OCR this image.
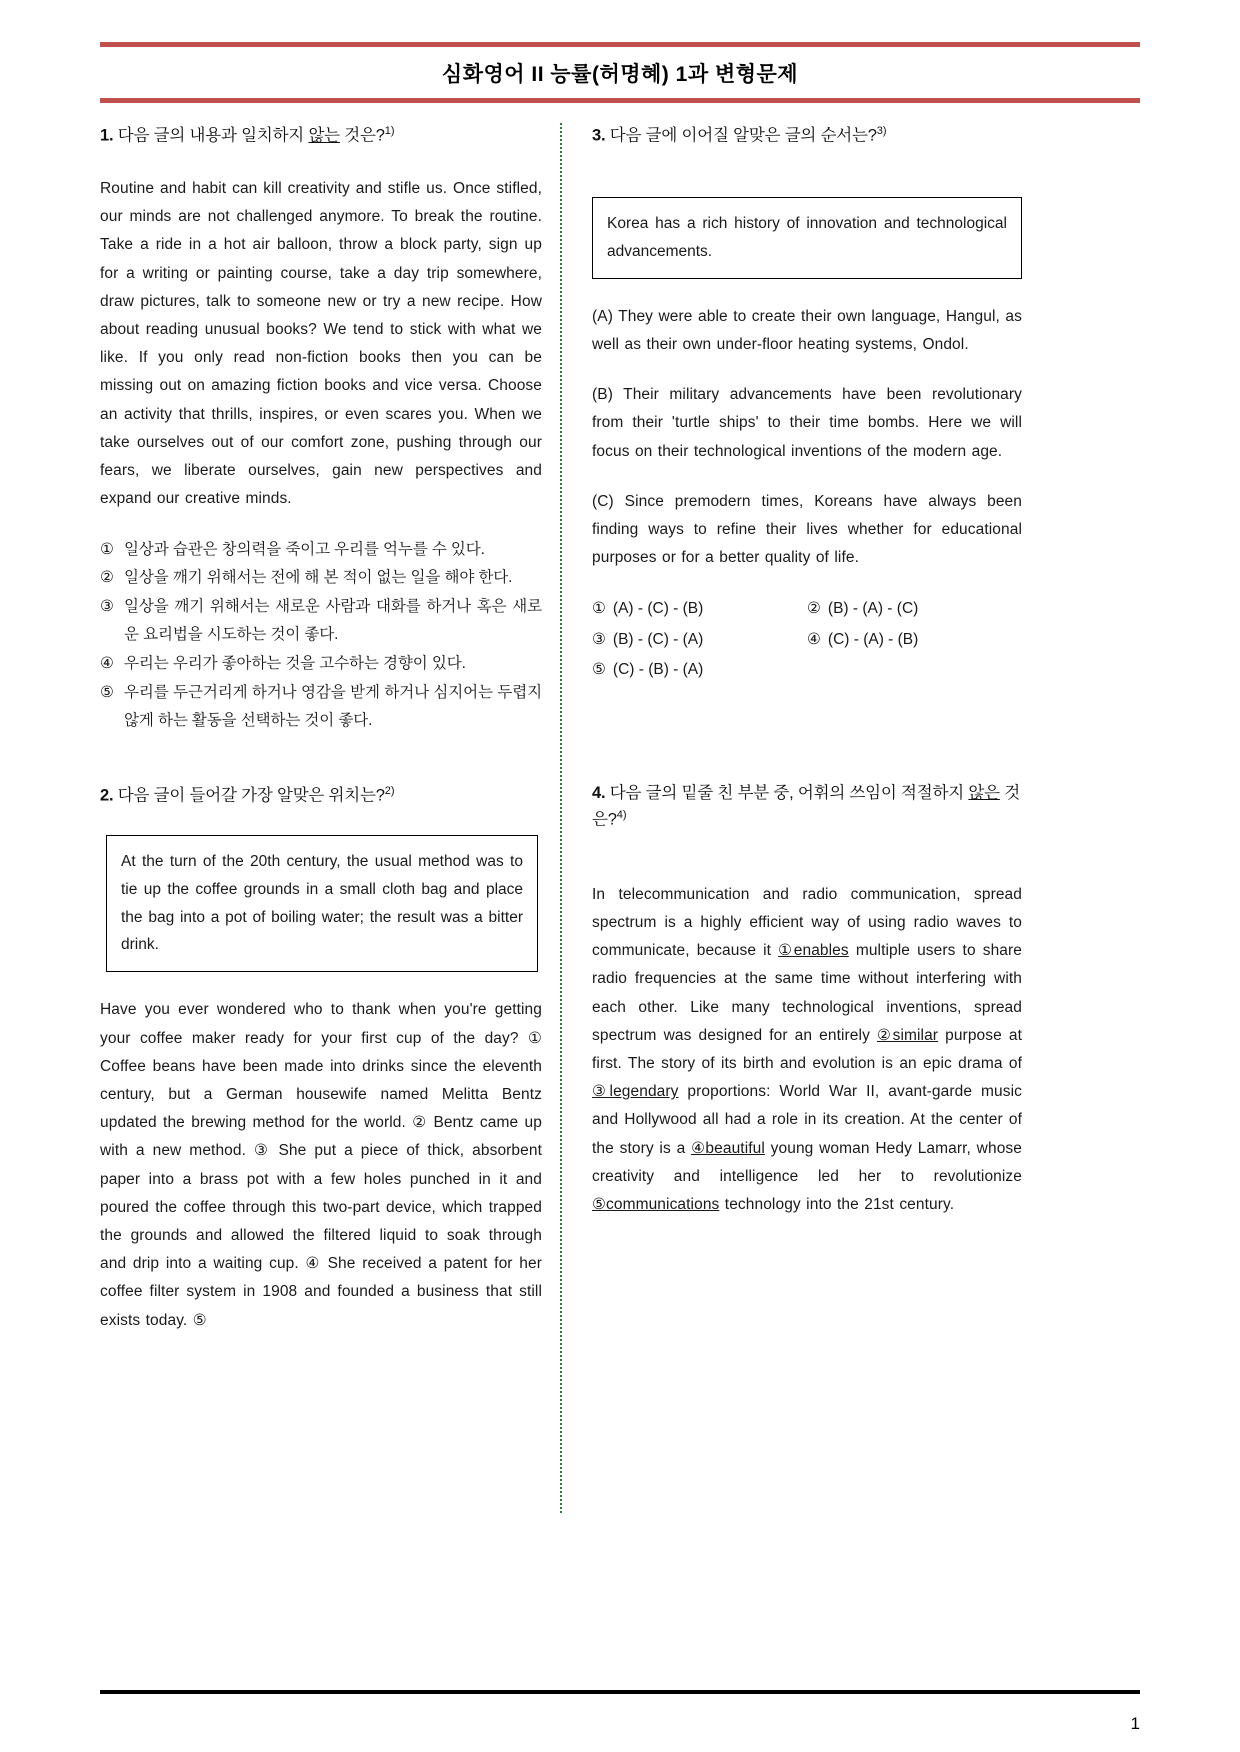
심화영어 II 능률(허명혜) 1과 변형문제
1. 다음 글의 내용과 일치하지 않는 것은?$^{1)}$
Routine and habit can kill creativity and stifle us. Once stifled, our minds are not challenged anymore. To break the routine. Take a ride in a hot air balloon, throw a block party, sign up for a writing or painting course, take a day trip somewhere, draw pictures, talk to someone new or try a new recipe. How about reading unusual books? We tend to stick with what we like. If you only read non-fiction books then you can be missing out on amazing fiction books and vice versa. Choose an activity that thrills, inspires, or even scares you. When we take ourselves out of our comfort zone, pushing through our fears, we liberate ourselves, gain new perspectives and expand our creative minds.
① 일상과 습관은 창의력을 죽이고 우리를 억누를 수 있다.
② 일상을 깨기 위해서는 전에 해 본 적이 없는 일을 해야 한다.
③ 일상을 깨기 위해서는 새로운 사람과 대화를 하거나 혹은 새로운 요리법을 시도하는 것이 좋다.
④ 우리는 우리가 좋아하는 것을 고수하는 경향이 있다.
⑤ 우리를 두근거리게 하거나 영감을 받게 하거나 심지어는 두렵지 않게 하는 활동을 선택하는 것이 좋다.
2. 다음 글이 들어갈 가장 알맞은 위치는?$^{2)}$
At the turn of the 20th century, the usual method was to tie up the coffee grounds in a small cloth bag and place the bag into a pot of boiling water; the result was a bitter drink.
Have you ever wondered who to thank when you're getting your coffee maker ready for your first cup of the day? ① Coffee beans have been made into drinks since the eleventh century, but a German housewife named Melitta Bentz updated the brewing method for the world. ② Bentz came up with a new method. ③ She put a piece of thick, absorbent paper into a brass pot with a few holes punched in it and poured the coffee through this two-part device, which trapped the grounds and allowed the filtered liquid to soak through and drip into a waiting cup. ④ She received a patent for her coffee filter system in 1908 and founded a business that still exists today. ⑤
3. 다음 글에 이어질 알맞은 글의 순서는?$^{3)}$
Korea has a rich history of innovation and technological advancements.
(A) They were able to create their own language, Hangul, as well as their own under-floor heating systems, Ondol.
(B) Their military advancements have been revolutionary from their 'turtle ships' to their time bombs. Here we will focus on their technological inventions of the modern age.
(C) Since premodern times, Koreans have always been finding ways to refine their lives whether for educational purposes or for a better quality of life.
① (A) - (C) - (B)	② (B) - (A) - (C)
③ (B) - (C) - (A)	④ (C) - (A) - (B)
⑤ (C) - (B) - (A)
4. 다음 글의 밑줄 친 부분 중, 어휘의 쓰임이 적절하지 않은 것은?$^{4)}$
In telecommunication and radio communication, spread spectrum is a highly efficient way of using radio waves to communicate, because it ①enables multiple users to share radio frequencies at the same time without interfering with each other. Like many technological inventions, spread spectrum was designed for an entirely ②similar purpose at first. The story of its birth and evolution is an epic drama of ③legendary proportions: World War II, avant-garde music and Hollywood all had a role in its creation. At the center of the story is a ④beautiful young woman Hedy Lamarr, whose creativity and intelligence led her to revolutionize ⑤communications technology into the 21st century.
1
